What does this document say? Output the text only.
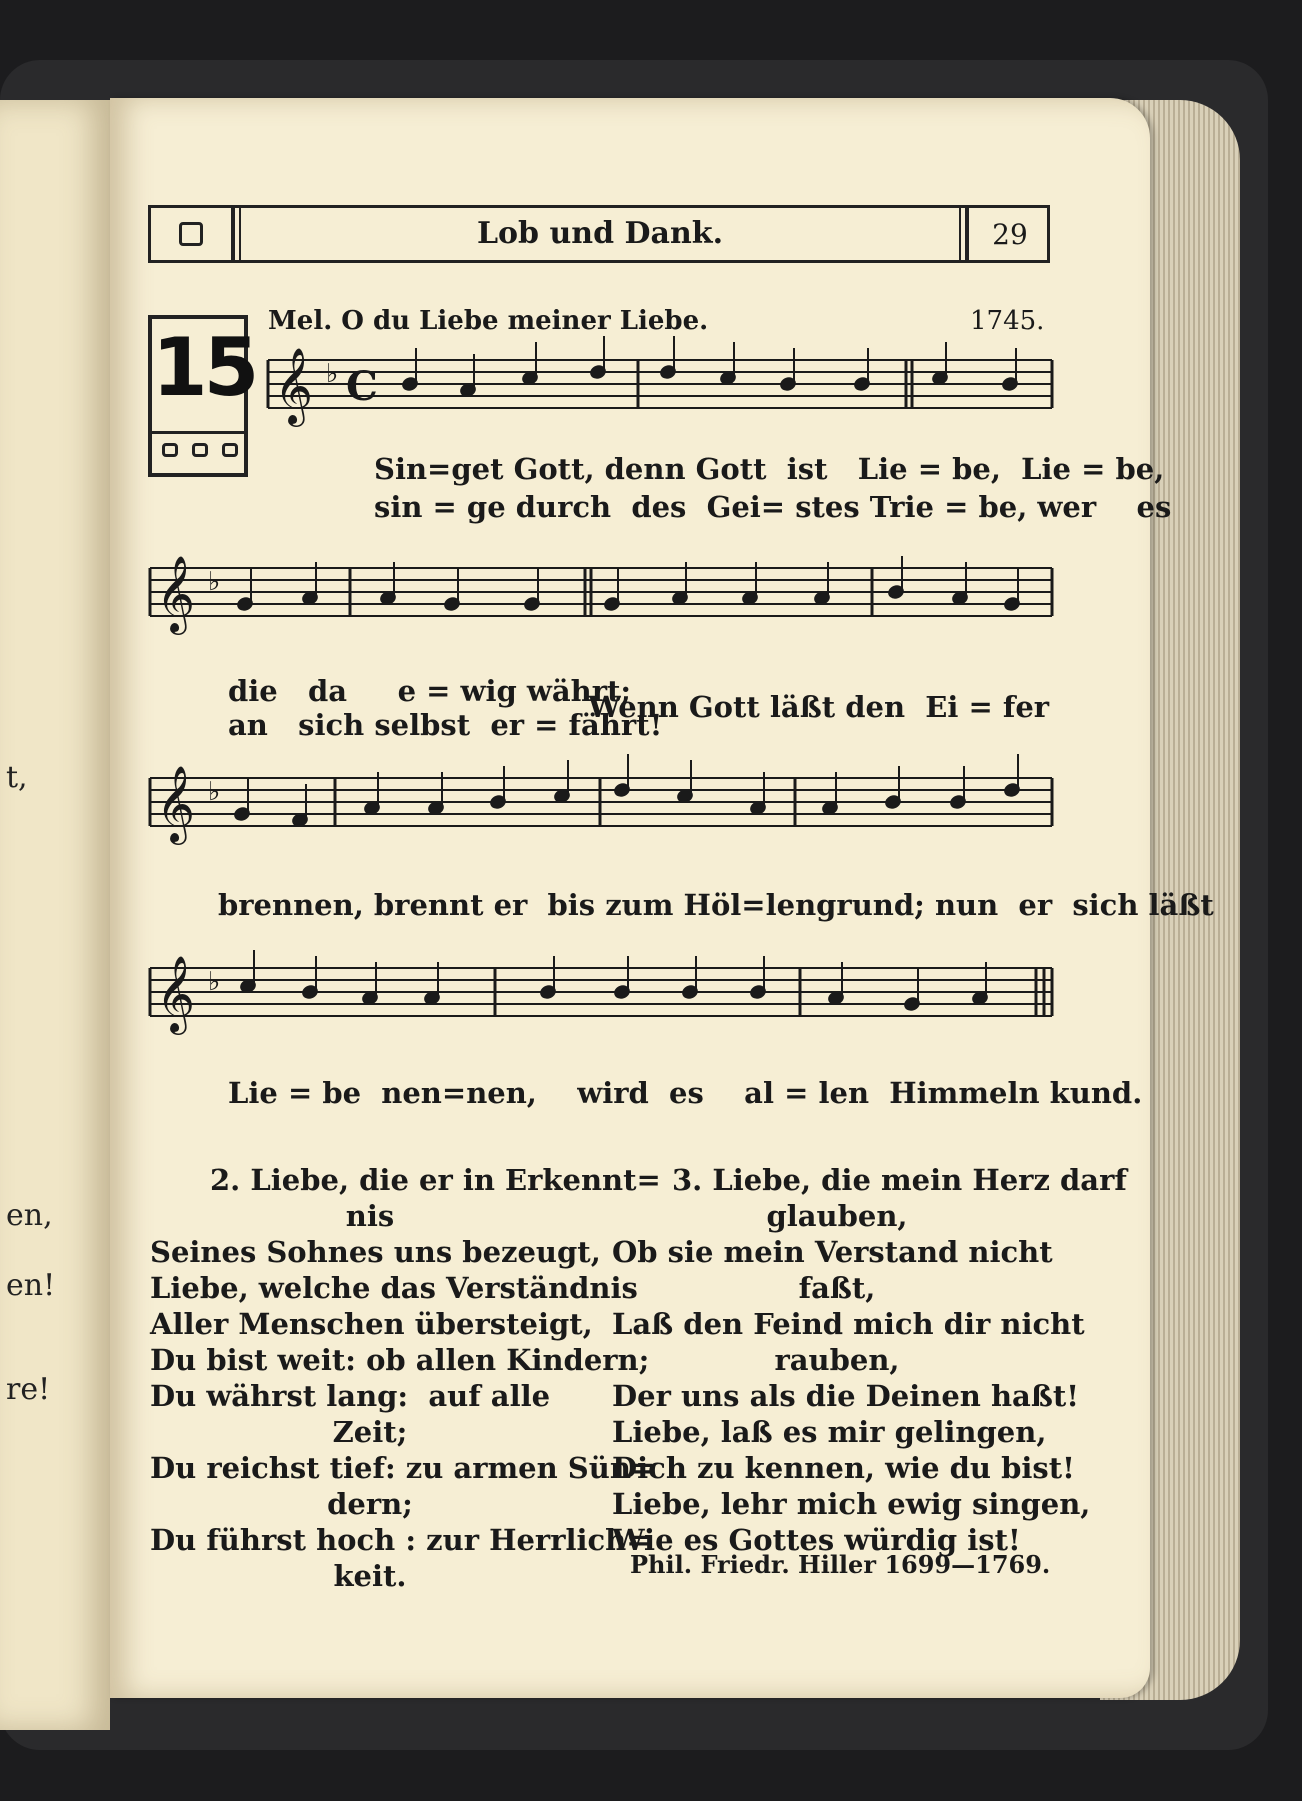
t,
en,
en!
re!
Lob und Dank.	29
15 Mel. O du Liebe meiner Liebe.	1745.
𝄞 ♭ C
𝄞 ♭
𝄞 ♭
𝄞 ♭
Sin=get Gott, denn Gott  ist   Lie = be,  Lie = be,
sin = ge durch  des  Gei= stes Trie = be, wer    es
die   da     e = wig währt;
an   sich selbst  er = fährt!
Wenn Gott läßt den  Ei = fer
brennen, brennt er  bis zum Höl=lengrund; nun  er  sich läßt
Lie = be  nen=nen,    wird  es    al = len  Himmeln kund.
2. Liebe, die er in Erkennt=
nis
Seines Sohnes uns bezeugt,
Liebe, welche das Verständnis
Aller Menschen übersteigt,
Du bist weit: ob allen Kindern;
Du währst lang:  auf alle
Zeit;
Du reichst tief: zu armen Sün=
dern;
Du führst hoch : zur Herrlich=
keit.
3. Liebe, die mein Herz darf
glauben,
Ob sie mein Verstand nicht
faßt,
Laß den Feind mich dir nicht
rauben,
Der uns als die Deinen haßt!
Liebe, laß es mir gelingen,
Dich zu kennen, wie du bist!
Liebe, lehr mich ewig singen,
Wie es Gottes würdig ist!
Phil. Friedr. Hiller 1699—1769.
